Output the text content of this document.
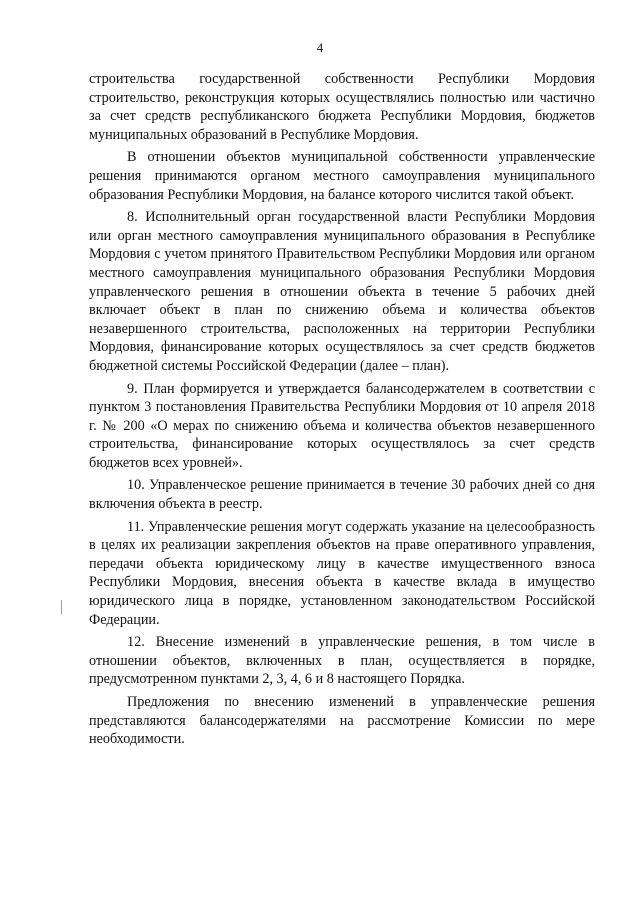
4

строительства государственной собственности Республики Мордовия строительство, реконструкция которых осуществлялись полностью или частично за счет средств республиканского бюджета Республики Мордовия, бюджетов муниципальных образований в Республике Мордовия.

В отношении объектов муниципальной собственности управленческие решения принимаются органом местного самоуправления муниципального образования Республики Мордовия, на балансе которого числится такой объект.

8. Исполнительный орган государственной власти Республики Мордовия или орган местного самоуправления муниципального образования в Республике Мордовия с учетом принятого Правительством Республики Мордовия или органом местного самоуправления муниципального образования Республики Мордовия управленческого решения в отношении объекта в течение 5 рабочих дней включает объект в план по снижению объема и количества объектов незавершенного строительства, расположенных на территории Республики Мордовия, финансирование которых осуществлялось за счет средств бюджетов бюджетной системы Российской Федерации (далее – план).

9. План формируется и утверждается балансодержателем в соответствии с пунктом 3 постановления Правительства Республики Мордовия от 10 апреля 2018 г. № 200 «О мерах по снижению объема и количества объектов незавершенного строительства, финансирование которых осуществлялось за счет средств бюджетов всех уровней».

10. Управленческое решение принимается в течение 30 рабочих дней со дня включения объекта в реестр.

11. Управленческие решения могут содержать указание на целесообразность в целях их реализации закрепления объектов на праве оперативного управления, передачи объекта юридическому лицу в качестве имущественного взноса Республики Мордовия, внесения объекта в качестве вклада в имущество юридического лица в порядке, установленном законодательством Российской Федерации.

12. Внесение изменений в управленческие решения, в том числе в отношении объектов, включенных в план, осуществляется в порядке, предусмотренном пунктами 2, 3, 4, 6 и 8 настоящего Порядка.

Предложения по внесению изменений в управленческие решения представляются балансодержателями на рассмотрение Комиссии по мере необходимости.
